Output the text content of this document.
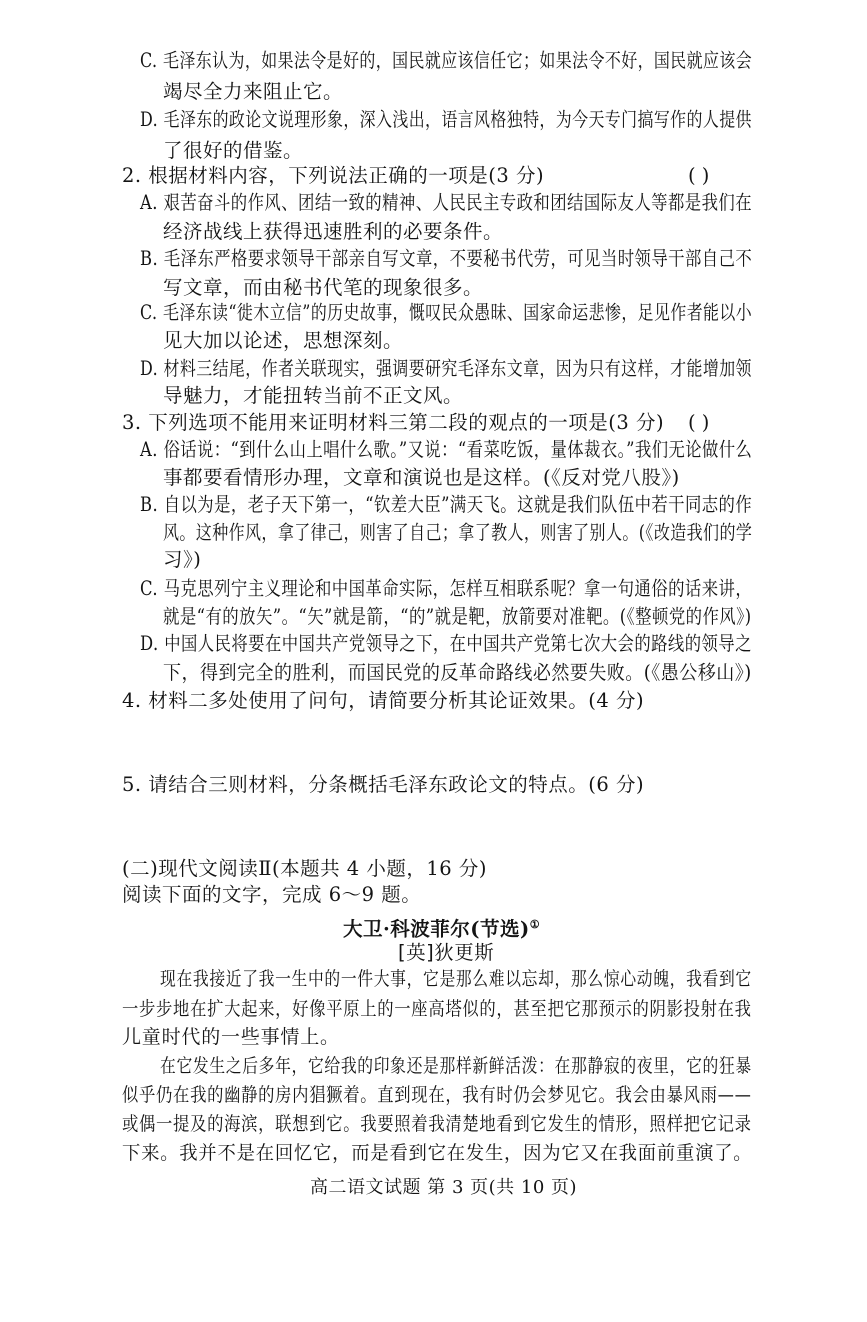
C. 毛泽东认为，如果法令是好的，国民就应该信任它；如果法令不好，国民就应该会
竭尽全力来阻止它。
D. 毛泽东的政论文说理形象，深入浅出，语言风格独特，为今天专门搞写作的人提供
了很好的借鉴。
2. 根据材料内容，下列说法正确的一项是(3 分)	( )
A. 艰苦奋斗的作风、团结一致的精神、人民民主专政和团结国际友人等都是我们在
经济战线上获得迅速胜利的必要条件。
B. 毛泽东严格要求领导干部亲自写文章，不要秘书代劳，可见当时领导干部自己不
写文章，而由秘书代笔的现象很多。
C. 毛泽东读“徙木立信”的历史故事，慨叹民众愚昧、国家命运悲惨，足见作者能以小
见大加以论述，思想深刻。
D. 材料三结尾，作者关联现实，强调要研究毛泽东文章，因为只有这样，才能增加领
导魅力，才能扭转当前不正文风。
3. 下列选项不能用来证明材料三第二段的观点的一项是(3 分) ( )
A. 俗话说：“到什么山上唱什么歌。”又说：“看菜吃饭，量体裁衣。”我们无论做什么
事都要看情形办理，文章和演说也是这样。(《反对党八股》)
B. 自以为是，老子天下第一，“钦差大臣”满天飞。这就是我们队伍中若干同志的作
风。这种作风，拿了律己，则害了自己；拿了教人，则害了别人。(《改造我们的学
习》)
C. 马克思列宁主义理论和中国革命实际，怎样互相联系呢？拿一句通俗的话来讲，
就是“有的放矢”。“矢”就是箭，“的”就是靶，放箭要对准靶。(《整顿党的作风》)
D. 中国人民将要在中国共产党领导之下，在中国共产党第七次大会的路线的领导之
下，得到完全的胜利，而国民党的反革命路线必然要失败。(《愚公移山》)
4. 材料二多处使用了问句，请简要分析其论证效果。(4 分)
5. 请结合三则材料，分条概括毛泽东政论文的特点。(6 分)
(二)现代文阅读Ⅱ(本题共 4 小题，16 分)
阅读下面的文字，完成 6～9 题。
大卫·科波菲尔(节选)①
[英]狄更斯
现在我接近了我一生中的一件大事，它是那么难以忘却，那么惊心动魄，我看到它
一步步地在扩大起来，好像平原上的一座高塔似的，甚至把它那预示的阴影投射在我
儿童时代的一些事情上。
在它发生之后多年，它给我的印象还是那样新鲜活泼：在那静寂的夜里，它的狂暴
似乎仍在我的幽静的房内猖獗着。直到现在，我有时仍会梦见它。我会由暴风雨——
或偶一提及的海滨，联想到它。我要照着我清楚地看到它发生的情形，照样把它记录
下来。我并不是在回忆它，而是看到它在发生，因为它又在我面前重演了。
高二语文试题 第 3 页(共 10 页)
